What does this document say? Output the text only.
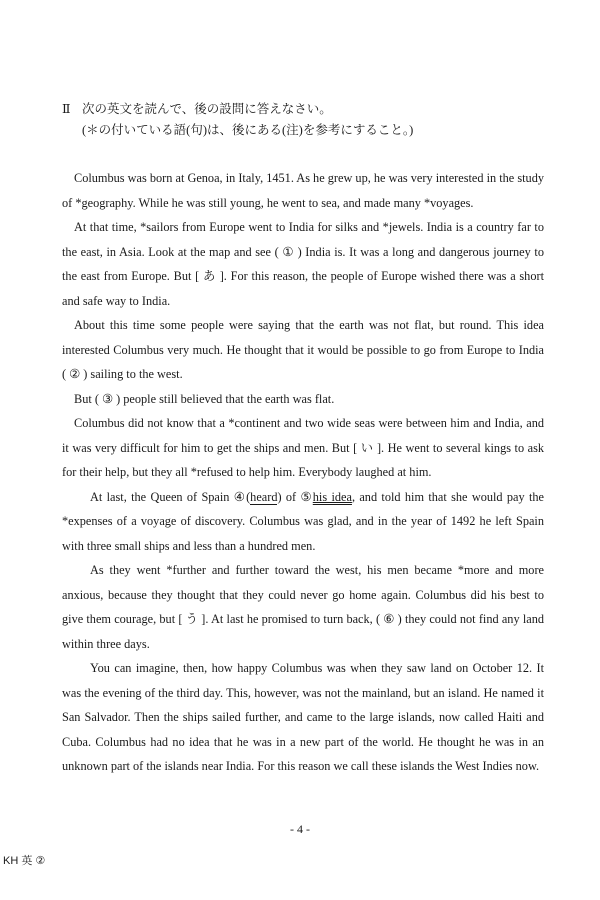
Ⅱ 次の英文を読んで、後の設問に答えなさい。
(＊の付いている語(句)は、後にある(注)を参考にすること。)

Columbus was born at Genoa, in Italy, 1451. As he grew up, he was very interested in the study of *geography. While he was still young, he went to sea, and made many *voyages.

At that time, *sailors from Europe went to India for silks and *jewels. India is a country far to the east, in Asia. Look at the map and see ( ① ) India is. It was a long and dangerous journey to the east from Europe. But [ あ ]. For this reason, the people of Europe wished there was a short and safe way to India.

About this time some people were saying that the earth was not flat, but round. This idea interested Columbus very much. He thought that it would be possible to go from Europe to India ( ② ) sailing to the west.

But ( ③ ) people still believed that the earth was flat.

Columbus did not know that a *continent and two wide seas were between him and India, and it was very difficult for him to get the ships and men. But [ い ]. He went to several kings to ask for their help, but they all *refused to help him. Everybody laughed at him.

At last, the Queen of Spain ④(heard) of ⑤his idea, and told him that she would pay the *expenses of a voyage of discovery. Columbus was glad, and in the year of 1492 he left Spain with three small ships and less than a hundred men.

As they went *further and further toward the west, his men became *more and more anxious, because they thought that they could never go home again. Columbus did his best to give them courage, but [ う ]. At last he promised to turn back, ( ⑥ ) they could not find any land within three days.

You can imagine, then, how happy Columbus was when they saw land on October 12. It was the evening of the third day. This, however, was not the mainland, but an island. He named it San Salvador. Then the ships sailed further, and came to the large islands, now called Haiti and Cuba. Columbus had no idea that he was in a new part of the world. He thought he was in an unknown part of the islands near India. For this reason we call these islands the West Indies now.

- 4 -
KH 英 ②
